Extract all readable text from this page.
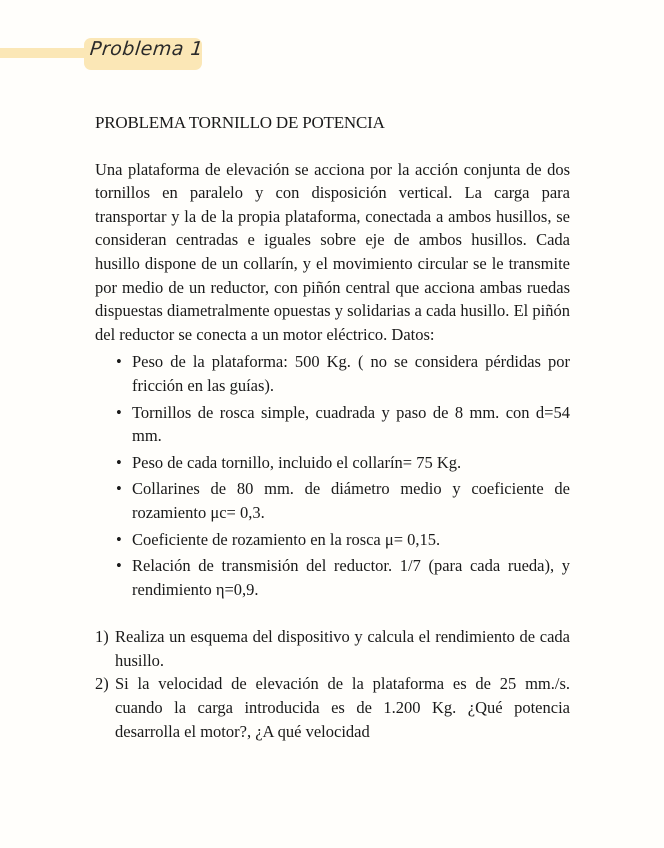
Problema 1
PROBLEMA TORNILLO DE POTENCIA

Una plataforma de elevación se acciona por la acción conjunta de dos tornillos en paralelo y con disposición vertical. La carga para transportar y la de la propia plataforma, conectada a ambos husillos, se consideran centradas e iguales sobre eje de ambos husillos. Cada husillo dispone de un collarín, y el movimiento circular se le transmite por medio de un reductor, con piñón central que acciona ambas ruedas dispuestas diametralmente opuestas y solidarias a cada husillo. El piñón del reductor se conecta a un motor eléctrico. Datos:

• Peso de la plataforma: 500 Kg. ( no se considera pérdidas por fricción en las guías).
• Tornillos de rosca simple, cuadrada y paso de 8 mm. con d=54 mm.
• Peso de cada tornillo, incluido el collarín= 75 Kg.
• Collarines de 80 mm. de diámetro medio y coeficiente de rozamiento μc= 0,3.
• Coeficiente de rozamiento en la rosca μ= 0,15.
• Relación de transmisión del reductor. 1/7 (para cada rueda), y rendimiento η=0,9.
1) Realiza un esquema del dispositivo y calcula el rendimiento de cada husillo.
2) Si la velocidad de elevación de la plataforma es de 25 mm./s. cuando la carga introducida es de 1.200 Kg. ¿Qué potencia desarrolla el motor?, ¿A qué velocidad
